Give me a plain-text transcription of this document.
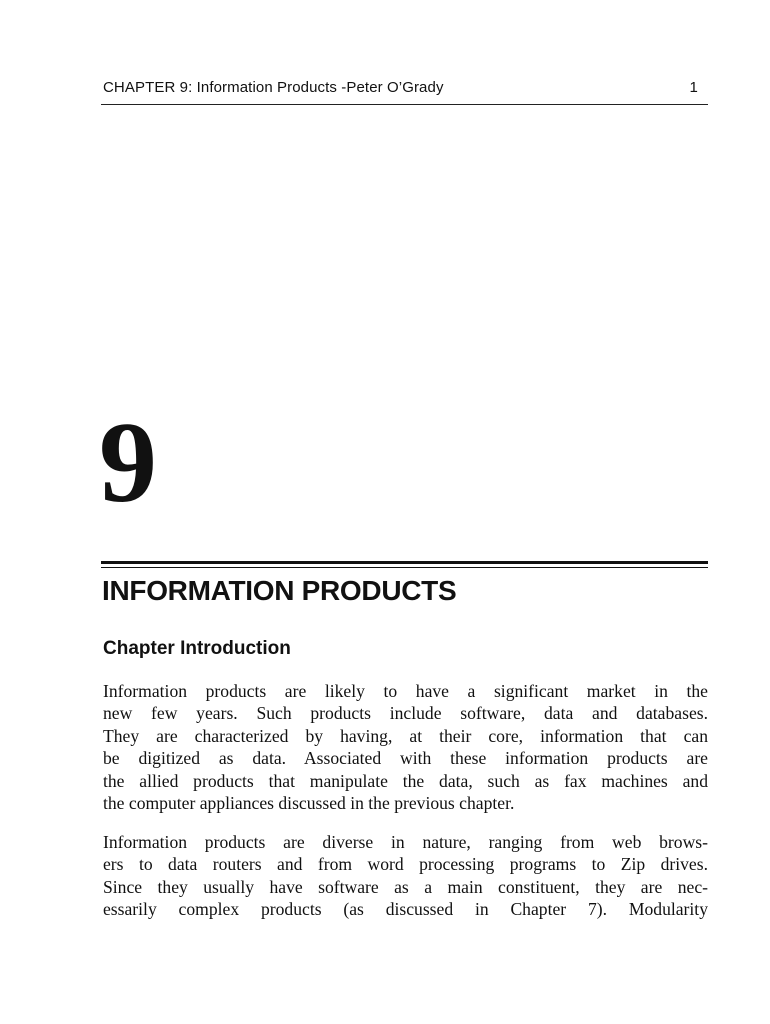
CHAPTER 9: Information Products -Peter O’Grady	1
9
INFORMATION PRODUCTS
Chapter Introduction
Information products are likely to have a significant market in the
new few years. Such products include software, data and databases.
They are characterized by having, at their core, information that can
be digitized as data. Associated with these information products are
the allied products that manipulate the data, such as fax machines and
the computer appliances discussed in the previous chapter.
Information products are diverse in nature, ranging from web brows-
ers to data routers and from word processing programs to Zip drives.
Since they usually have software as a main constituent, they are nec-
essarily complex products (as discussed in Chapter 7). Modularity
